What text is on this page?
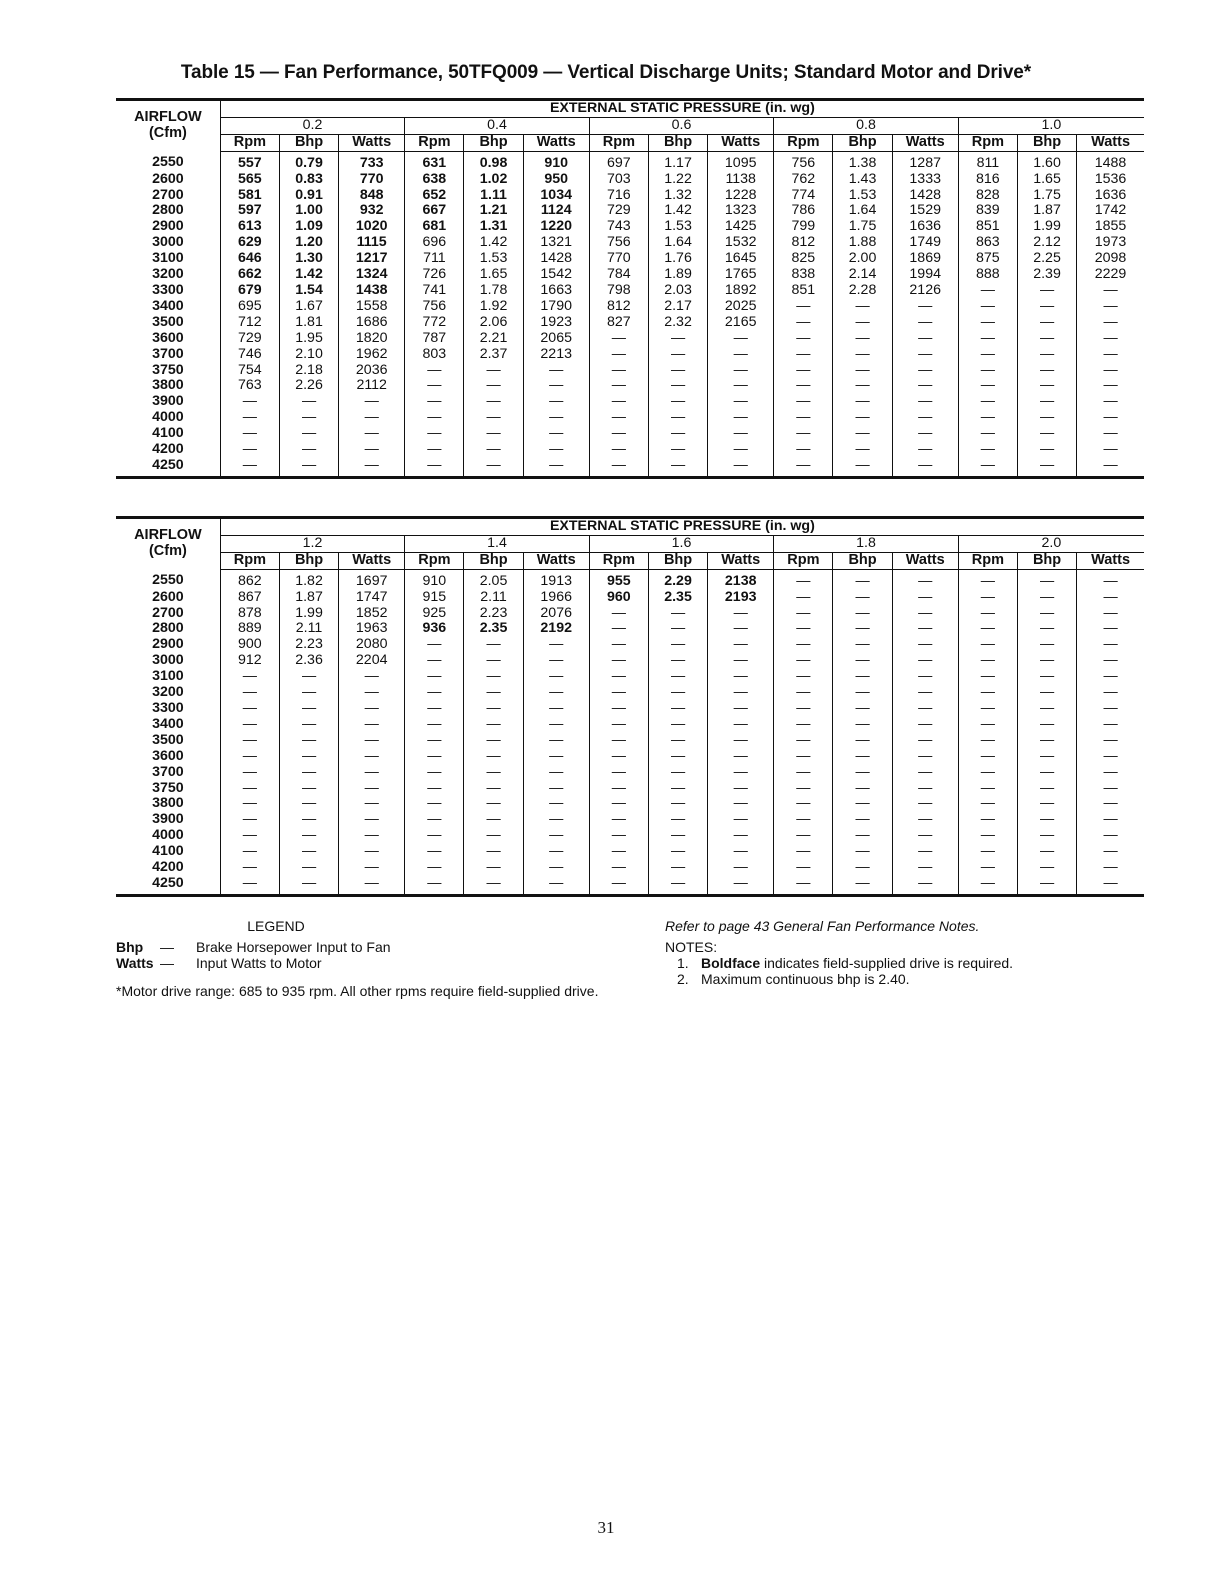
Table 15 — Fan Performance, 50TFQ009 — Vertical Discharge Units; Standard Motor and Drive*
AIRFLOW
(Cfm)	EXTERNAL STATIC PRESSURE (in. wg)														
	0.2			0.4			0.6			0.8			1.0		
	Rpm	Bhp	Watts	Rpm	Bhp	Watts	Rpm	Bhp	Watts	Rpm	Bhp	Watts	Rpm	Bhp	Watts
2550	557	0.79	733	631	0.98	910	697	1.17	1095	756	1.38	1287	811	1.60	1488
2600	565	0.83	770	638	1.02	950	703	1.22	1138	762	1.43	1333	816	1.65	1536
2700	581	0.91	848	652	1.11	1034	716	1.32	1228	774	1.53	1428	828	1.75	1636
2800	597	1.00	932	667	1.21	1124	729	1.42	1323	786	1.64	1529	839	1.87	1742
2900	613	1.09	1020	681	1.31	1220	743	1.53	1425	799	1.75	1636	851	1.99	1855
3000	629	1.20	1115	696	1.42	1321	756	1.64	1532	812	1.88	1749	863	2.12	1973
3100	646	1.30	1217	711	1.53	1428	770	1.76	1645	825	2.00	1869	875	2.25	2098
3200	662	1.42	1324	726	1.65	1542	784	1.89	1765	838	2.14	1994	888	2.39	2229
3300	679	1.54	1438	741	1.78	1663	798	2.03	1892	851	2.28	2126	—	—	—
3400	695	1.67	1558	756	1.92	1790	812	2.17	2025	—	—	—	—	—	—
3500	712	1.81	1686	772	2.06	1923	827	2.32	2165	—	—	—	—	—	—
3600	729	1.95	1820	787	2.21	2065	—	—	—	—	—	—	—	—	—
3700	746	2.10	1962	803	2.37	2213	—	—	—	—	—	—	—	—	—
3750	754	2.18	2036	—	—	—	—	—	—	—	—	—	—	—	—
3800	763	2.26	2112	—	—	—	—	—	—	—	—	—	—	—	—
3900	—	—	—	—	—	—	—	—	—	—	—	—	—	—	—
4000	—	—	—	—	—	—	—	—	—	—	—	—	—	—	—
4100	—	—	—	—	—	—	—	—	—	—	—	—	—	—	—
4200	—	—	—	—	—	—	—	—	—	—	—	—	—	—	—
4250	—	—	—	—	—	—	—	—	—	—	—	—	—	—	—
AIRFLOW
(Cfm)	EXTERNAL STATIC PRESSURE (in. wg)														
	1.2			1.4			1.6			1.8			2.0		
	Rpm	Bhp	Watts	Rpm	Bhp	Watts	Rpm	Bhp	Watts	Rpm	Bhp	Watts	Rpm	Bhp	Watts
2550	862	1.82	1697	910	2.05	1913	955	2.29	2138	—	—	—	—	—	—
2600	867	1.87	1747	915	2.11	1966	960	2.35	2193	—	—	—	—	—	—
2700	878	1.99	1852	925	2.23	2076	—	—	—	—	—	—	—	—	—
2800	889	2.11	1963	936	2.35	2192	—	—	—	—	—	—	—	—	—
2900	900	2.23	2080	—	—	—	—	—	—	—	—	—	—	—	—
3000	912	2.36	2204	—	—	—	—	—	—	—	—	—	—	—	—
3100	—	—	—	—	—	—	—	—	—	—	—	—	—	—	—
3200	—	—	—	—	—	—	—	—	—	—	—	—	—	—	—
3300	—	—	—	—	—	—	—	—	—	—	—	—	—	—	—
3400	—	—	—	—	—	—	—	—	—	—	—	—	—	—	—
3500	—	—	—	—	—	—	—	—	—	—	—	—	—	—	—
3600	—	—	—	—	—	—	—	—	—	—	—	—	—	—	—
3700	—	—	—	—	—	—	—	—	—	—	—	—	—	—	—
3750	—	—	—	—	—	—	—	—	—	—	—	—	—	—	—
3800	—	—	—	—	—	—	—	—	—	—	—	—	—	—	—
3900	—	—	—	—	—	—	—	—	—	—	—	—	—	—	—
4000	—	—	—	—	—	—	—	—	—	—	—	—	—	—	—
4100	—	—	—	—	—	—	—	—	—	—	—	—	—	—	—
4200	—	—	—	—	—	—	—	—	—	—	—	—	—	—	—
4250	—	—	—	—	—	—	—	—	—	—	—	—	—	—	—
LEGEND
Bhp	—	Brake Horsepower Input to Fan
Watts —	Input Watts to Motor
*Motor drive range: 685 to 935 rpm. All other rpms require field-supplied drive.
Refer to page 43 General Fan Performance Notes.
NOTES:
1. Boldface indicates field-supplied drive is required.
2. Maximum continuous bhp is 2.40.
31
